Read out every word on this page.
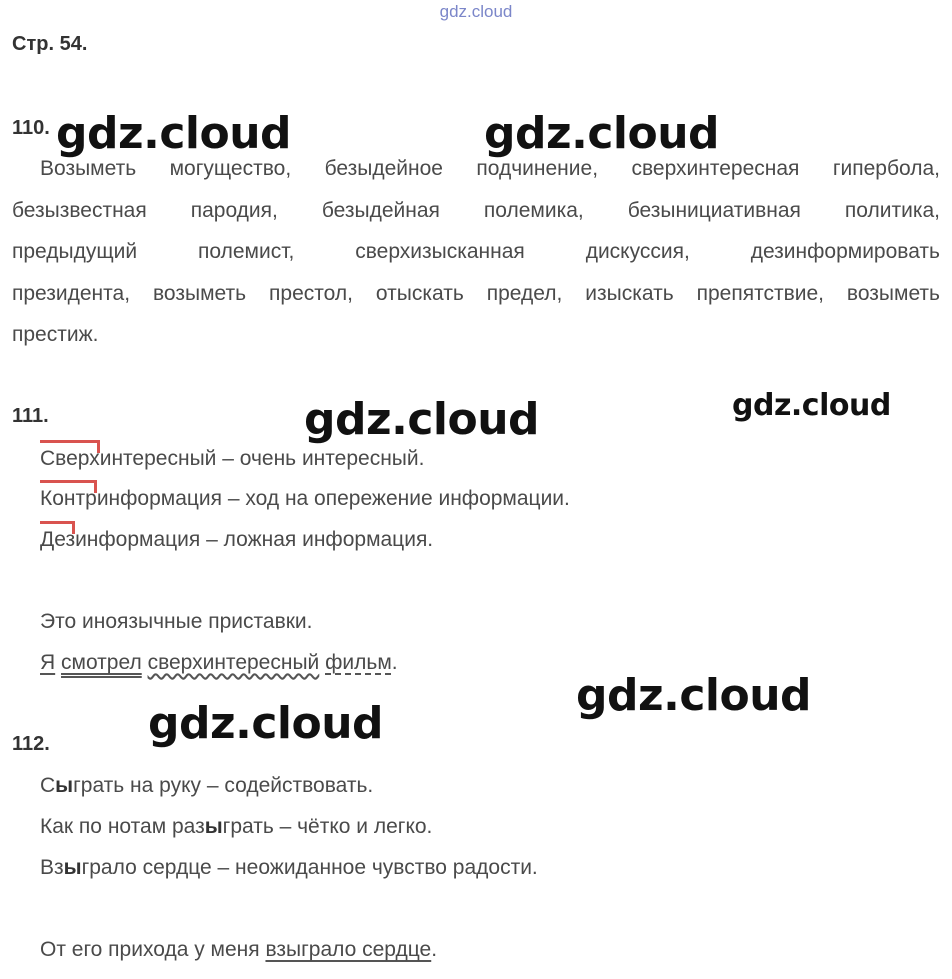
gdz.cloud
Стр. 54.
110.
Возыметь могущество, безыдейное подчинение, сверхинтересная гипербола,
безызвестная пародия, безыдейная полемика, безынициативная политика,
предыдущий полемист, сверхизысканная дискуссия, дезинформировать
президента, возыметь престол, отыскать предел, изыскать препятствие, возыметь
престиж.
111.
Сверхинтересный – очень интересный.
Контринформация – ход на опережение информации.
Дезинформация – ложная информация.
Это иноязычные приставки.
Я смотрел сверхинтересный фильм.
112.
Сыграть на руку – содействовать.
Как по нотам разыграть – чётко и легко.
Взыграло сердце – неожиданное чувство радости.
От его прихода у меня взыграло сердце.
gdz.cloud	gdz.cloud
gdz.cloud	gdz.cloud
gdz.cloud
gdz.cloud
